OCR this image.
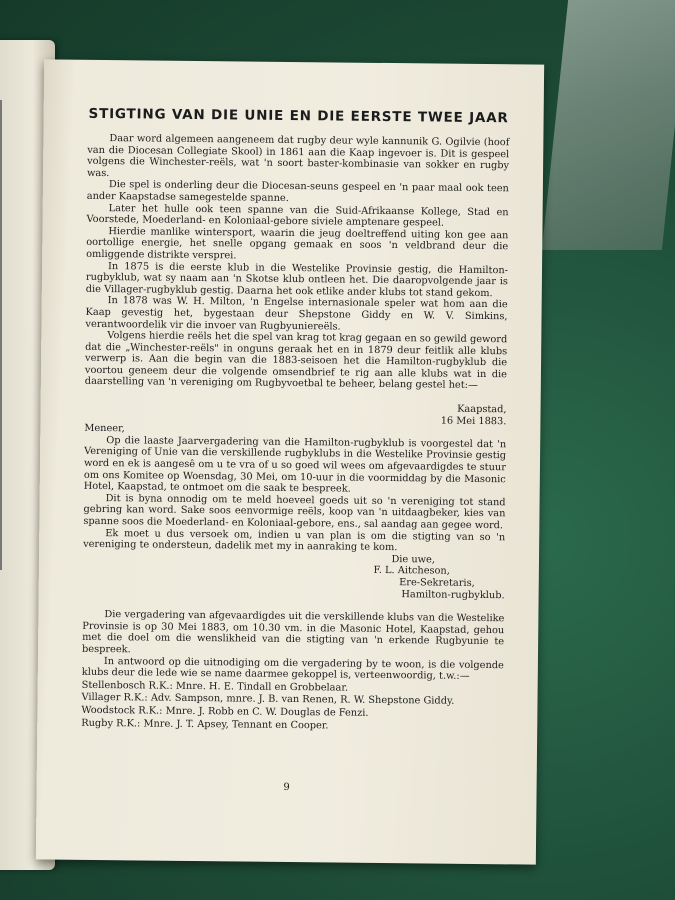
STIGTING VAN DIE UNIE EN DIE EERSTE TWEE JAAR

Daar word algemeen aangeneem dat rugby deur wyle kannunik G. Ogilvie (hoof van die Diocesan Collegiate Skool) in 1861 aan die Kaap ingevoer is. Dit is gespeel volgens die Winchester-reëls, wat 'n soort baster-kombinasie van sokker en rugby was.

Die spel is onderling deur die Diocesan-seuns gespeel en 'n paar maal ook teen ander Kaapstadse samegestelde spanne.

Later het hulle ook teen spanne van die Suid-Afrikaanse Kollege, Stad en Voorstede, Moederland- en Koloniaal-gebore siviele amptenare gespeel.

Hierdie manlike wintersport, waarin die jeug doeltreffend uiting kon gee aan oortollige energie, het snelle opgang gemaak en soos 'n veldbrand deur die omliggende distrikte versprei.

In 1875 is die eerste klub in die Westelike Provinsie gestig, die Hamilton-rugbyklub, wat sy naam aan 'n Skotse klub ontleen het. Die daaropvolgende jaar is die Villager-rugbyklub gestig. Daarna het ook etlike ander klubs tot stand gekom.

In 1878 was W. H. Milton, 'n Engelse internasionale speler wat hom aan die Kaap gevestig het, bygestaan deur Shepstone Giddy en W. V. Simkins, verantwoordelik vir die invoer van Rugbyuniereëls.

Volgens hierdie reëls het die spel van krag tot krag gegaan en so gewild geword dat die „Winchester-reëls" in onguns geraak het en in 1879 deur feitlik alle klubs verwerp is. Aan die begin van die 1883-seisoen het die Hamilton-rugbyklub die voortou geneem deur die volgende omsendbrief te rig aan alle klubs wat in die daarstelling van 'n vereniging om Rugbyvoetbal te beheer, belang gestel het:—

Kaapstad,

16 Mei 1883.

Meneer,

Op die laaste Jaarvergadering van die Hamilton-rugbyklub is voorgestel dat 'n Vereniging of Unie van die verskillende rugbyklubs in die Westelike Provinsie gestig word en ek is aangesê om u te vra of u so goed wil wees om afgevaardigdes te stuur om ons Komitee op Woensdag, 30 Mei, om 10-uur in die voormiddag by die Masonic Hotel, Kaapstad, te ontmoet om die saak te bespreek.

Dit is byna onnodig om te meld hoeveel goeds uit so 'n vereniging tot stand gebring kan word. Sake soos eenvormige reëls, koop van 'n uitdaagbeker, kies van spanne soos die Moederland- en Koloniaal-gebore, ens., sal aandag aan gegee word.

Ek moet u dus versoek om, indien u van plan is om die stigting van so 'n vereniging te ondersteun, dadelik met my in aanraking te kom.

Die uwe,

F. L. Aitcheson,

Ere-Sekretaris,

Hamilton-rugbyklub.

Die vergadering van afgevaardigdes uit die verskillende klubs van die Westelike Provinsie is op 30 Mei 1883, om 10.30 vm. in die Masonic Hotel, Kaapstad, gehou met die doel om die wenslikheid van die stigting van 'n erkende Rugbyunie te bespreek.

In antwoord op die uitnodiging om die vergadering by te woon, is die volgende klubs deur die lede wie se name daarmee gekoppel is, verteenwoordig, t.w.:—

Stellenbosch R.K.: Mnre. H. E. Tindall en Grobbelaar.

Villager R.K.: Adv. Sampson, mnre. J. B. van Renen, R. W. Shepstone Giddy.

Woodstock R.K.: Mnre. J. Robb en C. W. Douglas de Fenzi.

Rugby R.K.: Mnre. J. T. Apsey, Tennant en Cooper.

9
